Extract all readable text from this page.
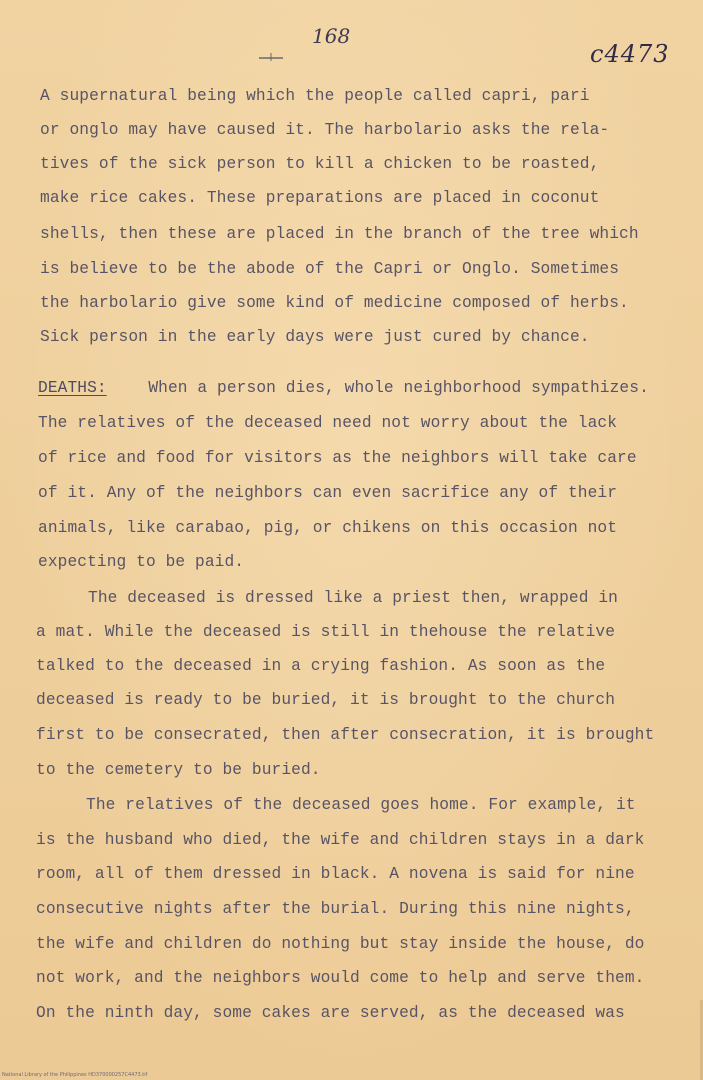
168
c4473
A supernatural being which the people called capri, pari
or onglo may have caused it. The harbolario asks the rela-
tives of the sick person to kill a chicken to be roasted,
make rice cakes. These preparations are placed in coconut
shells, then these are placed in the branch of the tree which
is believe to be the abode of the Capri or Onglo. Sometimes
the harbolario give some kind of medicine composed of herbs.
Sick person in the early days were just cured by chance.
DEATHS:	When a person dies, whole neighborhood sympathizes.
The relatives of the deceased need not worry about the lack
of rice and food for visitors as the neighbors will take care
of it. Any of the neighbors can even sacrifice any of their
animals, like carabao, pig, or chikens on this occasion not
expecting to be paid.
The deceased is dressed like a priest then, wrapped in
a mat. While the deceased is still in thehouse the relative
talked to the deceased in a crying fashion. As soon as the
deceased is ready to be buried, it is brought to the church
first to be consecrated, then after consecration, it is brought
to the cemetery to be buried.
The relatives of the deceased goes home. For example, it
is the husband who died, the wife and children stays in a dark
room, all of them dressed in black. A novena is said for nine
consecutive nights after the burial. During this nine nights,
the wife and children do nothing but stay inside the house, do
not work, and the neighbors would come to help and serve them.
On the ninth day, some cakes are served, as the deceased was
National Library of the Philippines HD370000257C4473.tif
